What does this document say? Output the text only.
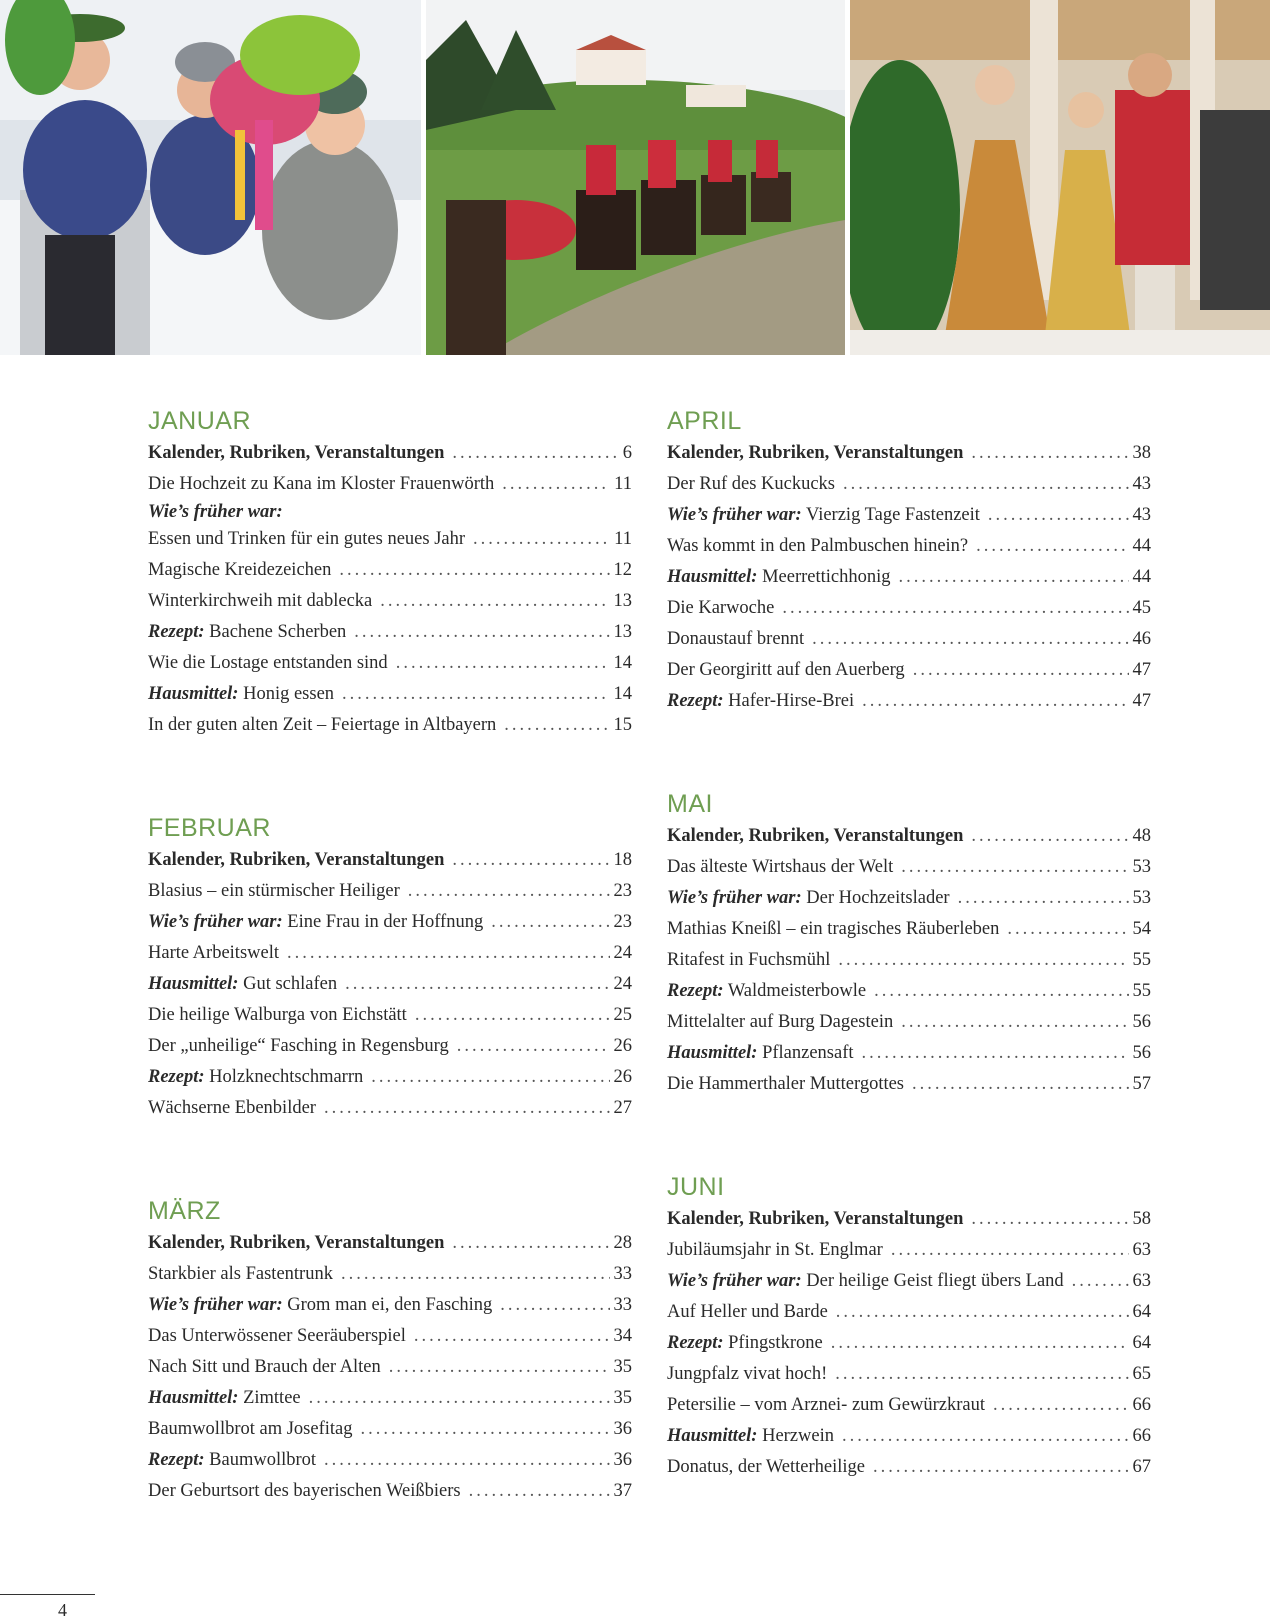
JANUAR
Kalender, Rubriken, Veranstaltungen .....	6
Die Hochzeit zu Kana im Kloster Frauenwörth .....	11
Wie’s früher war:
Essen und Trinken für ein gutes neues Jahr .....	11
Magische Kreidezeichen .....	12
Winterkirchweih mit dablecka .....	13
Rezept: Bachene Scherben .....	13
Wie die Lostage entstanden sind .....	14
Hausmittel: Honig essen .....	14
In der guten alten Zeit – Feiertage in Altbayern .....	15
FEBRUAR
Kalender, Rubriken, Veranstaltungen .....	18
Blasius – ein stürmischer Heiliger .....	23
Wie’s früher war: Eine Frau in der Hoffnung .....	23
Harte Arbeitswelt .....	24
Hausmittel: Gut schlafen .....	24
Die heilige Walburga von Eichstätt .....	25
Der „unheilige“ Fasching in Regensburg .....	26
Rezept: Holzknechtschmarrn .....	26
Wächserne Ebenbilder .....	27
MÄRZ
Kalender, Rubriken, Veranstaltungen .....	28
Starkbier als Fastentrunk .....	33
Wie’s früher war: Grom man ei, den Fasching .....	33
Das Unterwössener Seeräuberspiel .....	34
Nach Sitt und Brauch der Alten .....	35
Hausmittel: Zimttee .....	35
Baumwollbrot am Josefitag .....	36
Rezept: Baumwollbrot .....	36
Der Geburtsort des bayerischen Weißbiers .....	37
APRIL
Kalender, Rubriken, Veranstaltungen .....	38
Der Ruf des Kuckucks .....	43
Wie’s früher war: Vierzig Tage Fastenzeit .....	43
Was kommt in den Palmbuschen hinein? .....	44
Hausmittel: Meerrettichhonig .....	44
Die Karwoche .....	45
Donaustauf brennt .....	46
Der Georgiritt auf den Auerberg .....	47
Rezept: Hafer-Hirse-Brei .....	47
MAI
Kalender, Rubriken, Veranstaltungen .....	48
Das älteste Wirtshaus der Welt .....	53
Wie’s früher war: Der Hochzeitslader .....	53
Mathias Kneißl – ein tragisches Räuberleben .....	54
Ritafest in Fuchsmühl .....	55
Rezept: Waldmeisterbowle .....	55
Mittelalter auf Burg Dagestein .....	56
Hausmittel: Pflanzensaft .....	56
Die Hammerthaler Muttergottes .....	57
JUNI
Kalender, Rubriken, Veranstaltungen .....	58
Jubiläumsjahr in St. Englmar .....	63
Wie’s früher war: Der heilige Geist fliegt übers Land .....	63
Auf Heller und Barde .....	64
Rezept: Pfingstkrone .....	64
Jungpfalz vivat hoch! .....	65
Petersilie – vom Arznei- zum Gewürzkraut .....	66
Hausmittel: Herzwein .....	66
Donatus, der Wetterheilige .....	67
4
